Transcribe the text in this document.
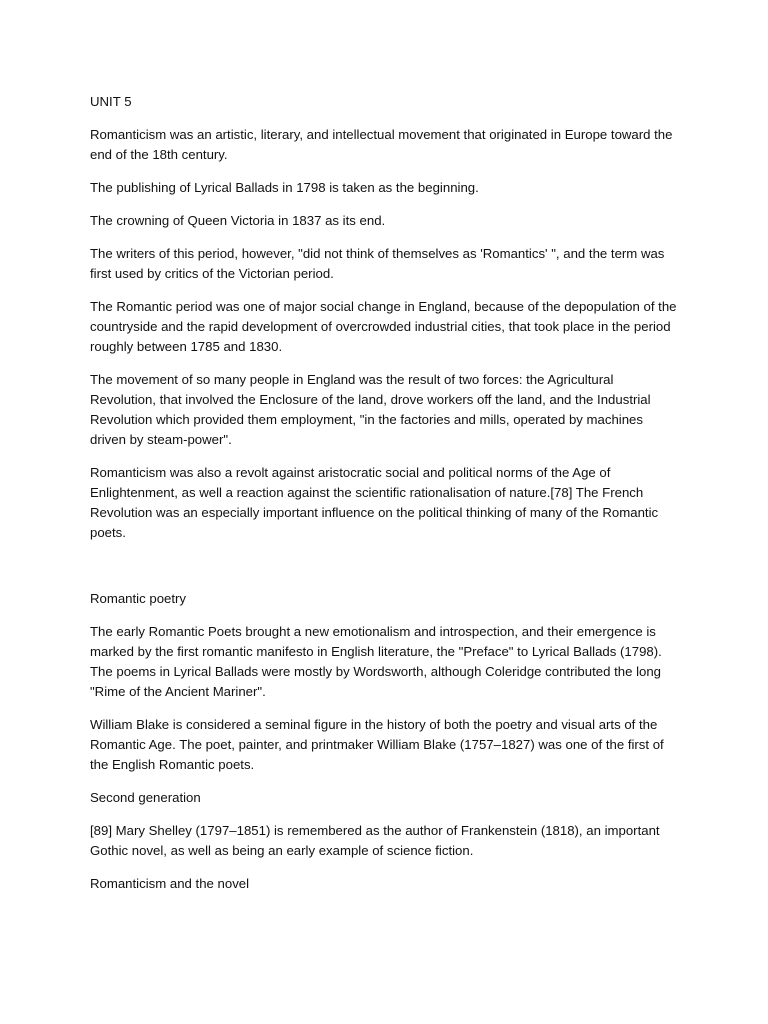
UNIT 5

Romanticism was an artistic, literary, and intellectual movement that originated in Europe toward the end of the 18th century.

The publishing of Lyrical Ballads in 1798 is taken as the beginning.

The crowning of Queen Victoria in 1837 as its end.

The writers of this period, however, "did not think of themselves as 'Romantics' ", and the term was first used by critics of the Victorian period.

The Romantic period was one of major social change in England, because of the depopulation of the countryside and the rapid development of overcrowded industrial cities, that took place in the period roughly between 1785 and 1830.

The movement of so many people in England was the result of two forces: the Agricultural Revolution, that involved the Enclosure of the land, drove workers off the land, and the Industrial Revolution which provided them employment, "in the factories and mills, operated by machines driven by steam-power".

Romanticism was also a revolt against aristocratic social and political norms of the Age of Enlightenment, as well a reaction against the scientific rationalisation of nature.[78] The French Revolution was an especially important influence on the political thinking of many of the Romantic poets.

Romantic poetry

The early Romantic Poets brought a new emotionalism and introspection, and their emergence is marked by the first romantic manifesto in English literature, the "Preface" to Lyrical Ballads (1798). The poems in Lyrical Ballads were mostly by Wordsworth, although Coleridge contributed the long "Rime of the Ancient Mariner".

William Blake is considered a seminal figure in the history of both the poetry and visual arts of the Romantic Age. The poet, painter, and printmaker William Blake (1757–1827) was one of the first of the English Romantic poets.

Second generation

[89] Mary Shelley (1797–1851) is remembered as the author of Frankenstein (1818), an important Gothic novel, as well as being an early example of science fiction.

Romanticism and the novel
